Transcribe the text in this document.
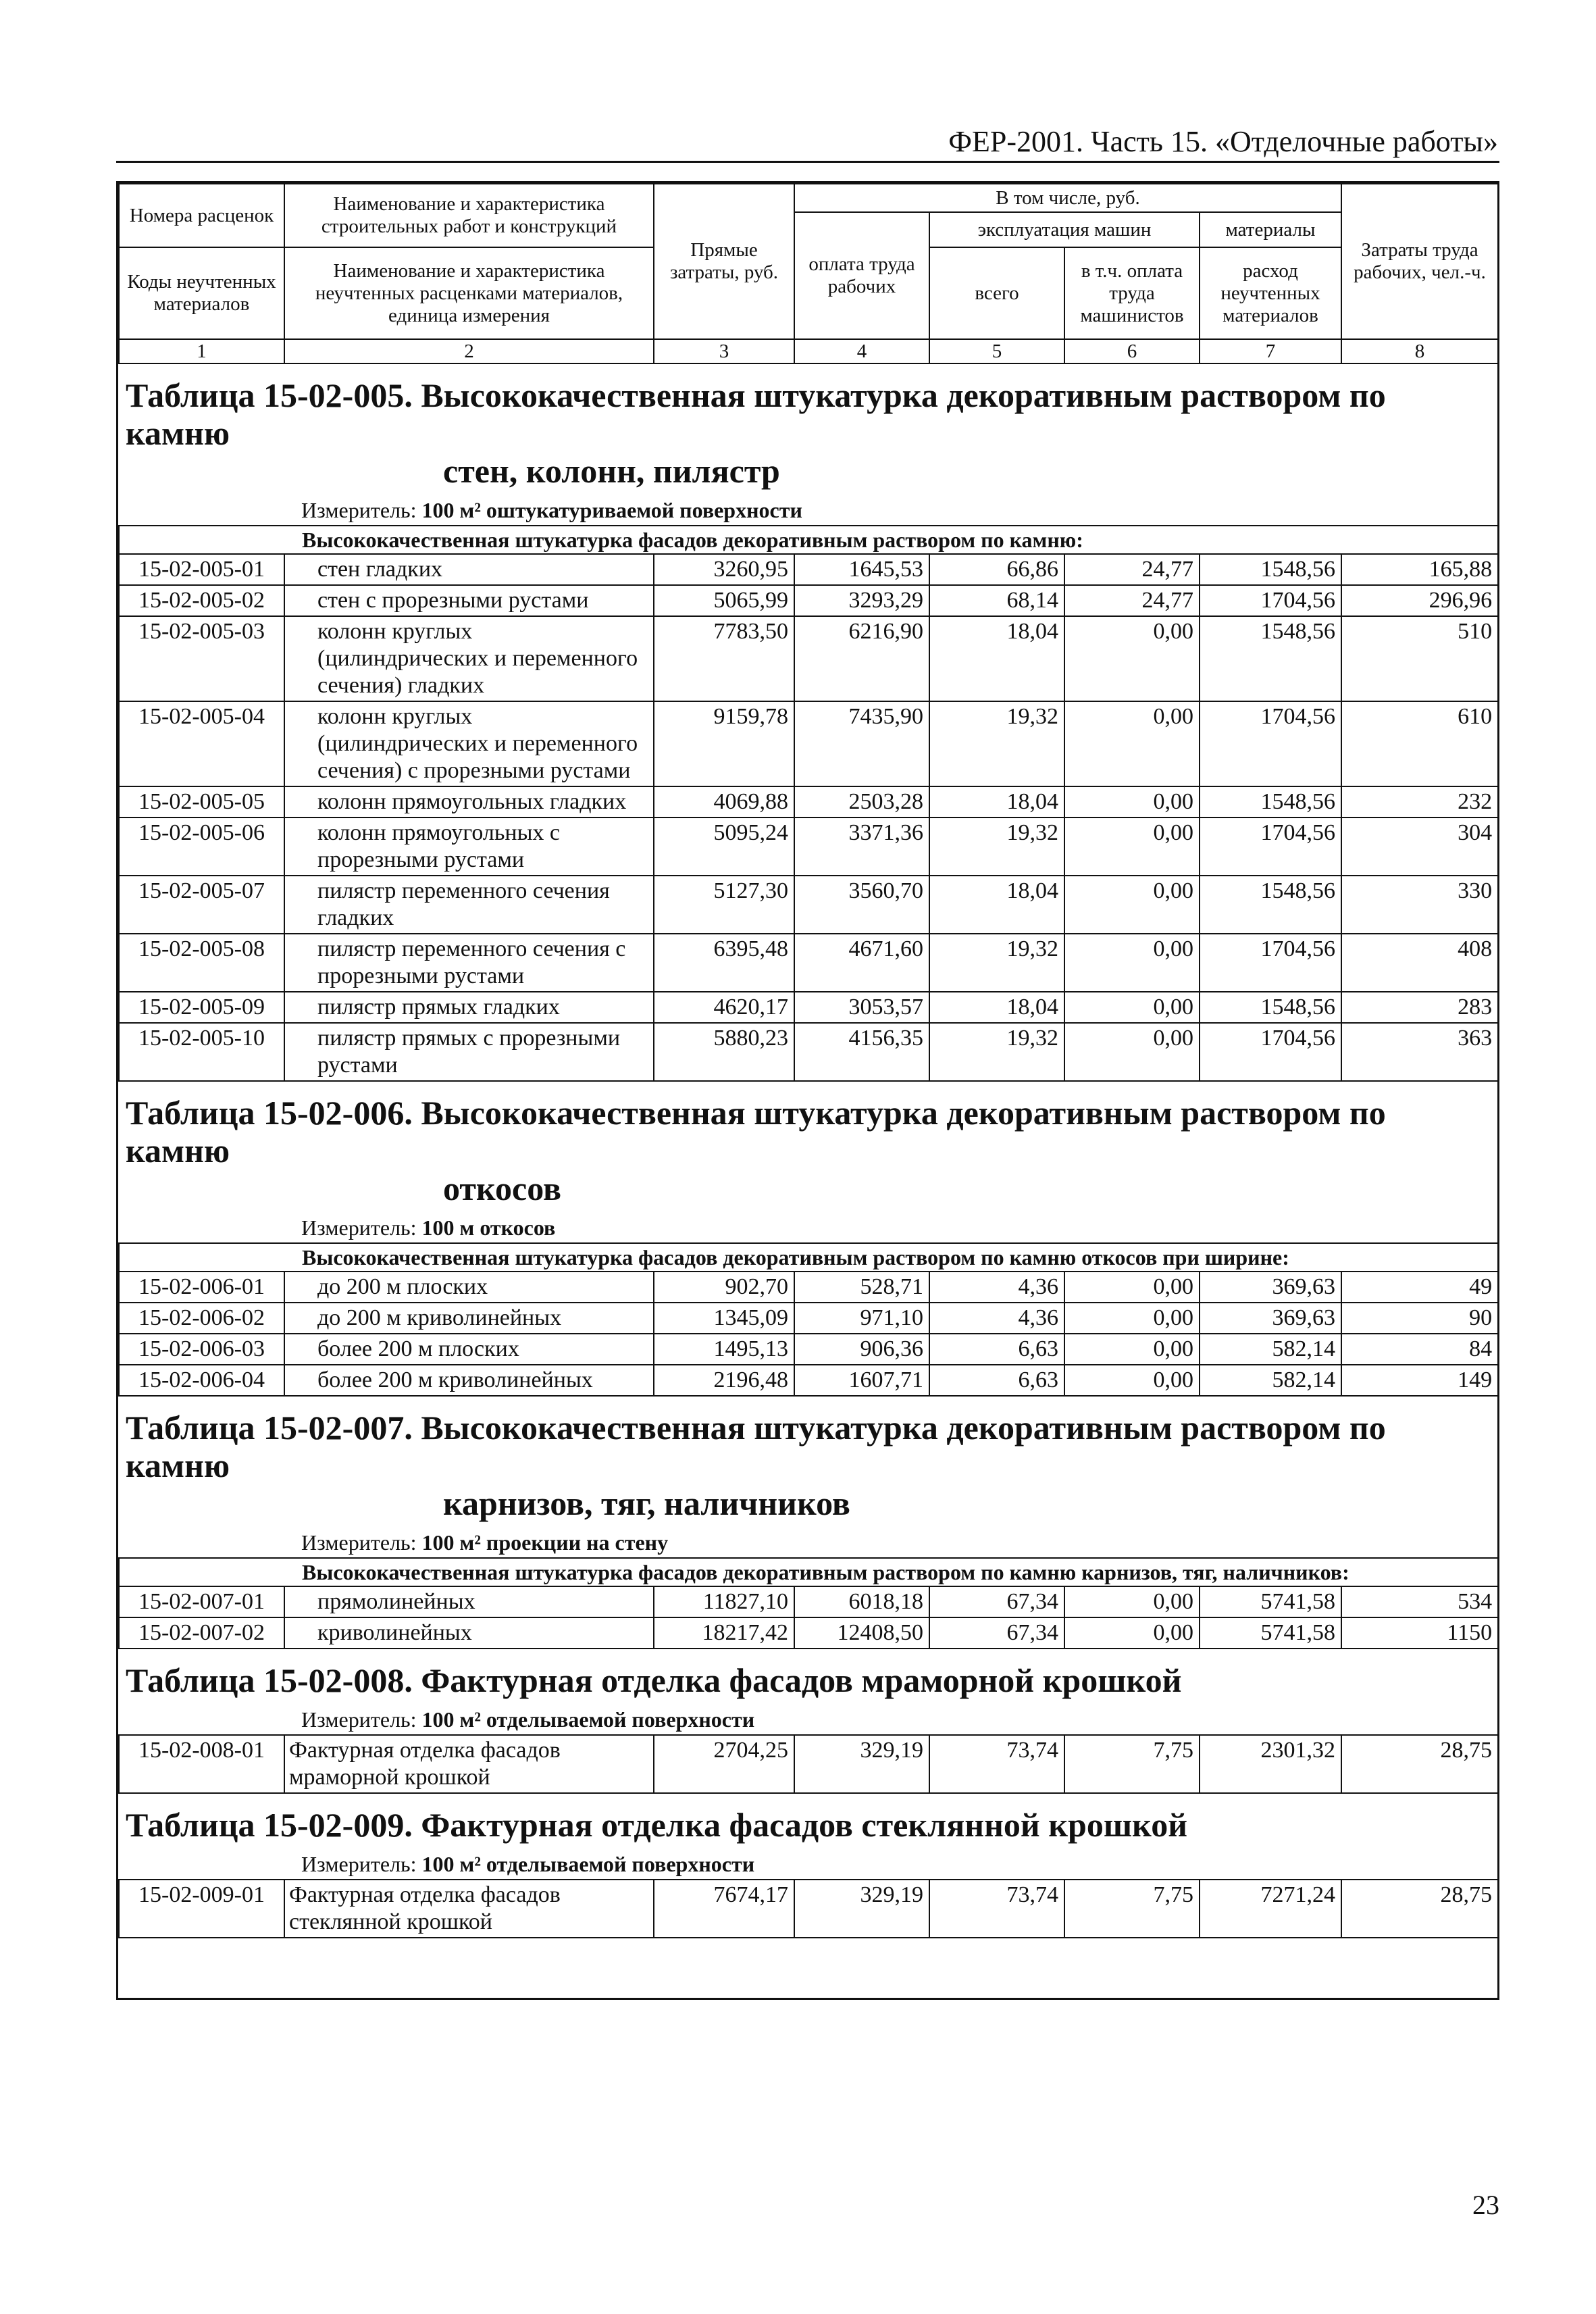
ФЕР-2001. Часть 15. «Отделочные работы»
Номера расценок	Наименование и характеристика строительных работ и конструкций	Прямые затраты, руб.	В том числе, руб.				Затраты труда рабочих, чел.-ч.
			оплата труда рабочих	эксплуатация машин		материалы	
Коды неучтенных материалов	Наименование и характеристика неучтенных расценками материалов, единица измерения			всего	в т.ч. оплата труда машинистов	расход неучтенных материалов	

1	2	3	4	5	6	7	8
Таблица 15-02-005. Высококачественная штукатурка декоративным раствором по камню
стен, колонн, пилястр							

Измеритель: 100 м² оштукатуриваемой поверхности							
Высококачественная штукатурка фасадов декоративным раствором по камню:							
15-02-005-01	стен гладких	3260,95	1645,53	66,86	24,77	1548,56	165,88
15-02-005-02	стен с прорезными рустами	5065,99	3293,29	68,14	24,77	1704,56	296,96
15-02-005-03	колонн круглых (цилиндрических и переменного сечения) гладких	7783,50	6216,90	18,04	0,00	1548,56	510
15-02-005-04	колонн круглых (цилиндрических и переменного сечения) с прорезными рустами	9159,78	7435,90	19,32	0,00	1704,56	610
15-02-005-05	колонн прямоугольных гладких	4069,88	2503,28	18,04	0,00	1548,56	232
15-02-005-06	колонн прямоугольных с прорезными рустами	5095,24	3371,36	19,32	0,00	1704,56	304
15-02-005-07	пилястр переменного сечения гладких	5127,30	3560,70	18,04	0,00	1548,56	330
15-02-005-08	пилястр переменного сечения с прорезными рустами	6395,48	4671,60	19,32	0,00	1704,56	408
15-02-005-09	пилястр прямых гладких	4620,17	3053,57	18,04	0,00	1548,56	283
15-02-005-10	пилястр прямых с прорезными рустами	5880,23	4156,35	19,32	0,00	1704,56	363
Таблица 15-02-006. Высококачественная штукатурка декоративным раствором по камню
откосов							

Измеритель: 100 м откосов							
Высококачественная штукатурка фасадов декоративным раствором по камню откосов при ширине:							
15-02-006-01	до 200 м плоских	902,70	528,71	4,36	0,00	369,63	49
15-02-006-02	до 200 м криволинейных	1345,09	971,10	4,36	0,00	369,63	90
15-02-006-03	более 200 м плоских	1495,13	906,36	6,63	0,00	582,14	84
15-02-006-04	более 200 м криволинейных	2196,48	1607,71	6,63	0,00	582,14	149
Таблица 15-02-007. Высококачественная штукатурка декоративным раствором по камню
карнизов, тяг, наличников							

Измеритель: 100 м² проекции на стену							
Высококачественная штукатурка фасадов декоративным раствором по камню карнизов, тяг, наличников:							
15-02-007-01	прямолинейных	11827,10	6018,18	67,34	0,00	5741,58	534
15-02-007-02	криволинейных	18217,42	12408,50	67,34	0,00	5741,58	1150
Таблица 15-02-008. Фактурная отделка фасадов мраморной крошкой
Измеритель: 100 м² отделываемой поверхности
15-02-008-01	Фактурная отделка фасадов мраморной крошкой	2704,25	329,19	73,74	7,75	2301,32	28,75
Таблица 15-02-009. Фактурная отделка фасадов стеклянной крошкой
Измеритель: 100 м² отделываемой поверхности
15-02-009-01	Фактурная отделка фасадов стеклянной крошкой	7674,17	329,19	73,74	7,75	7271,24	28,75
23
